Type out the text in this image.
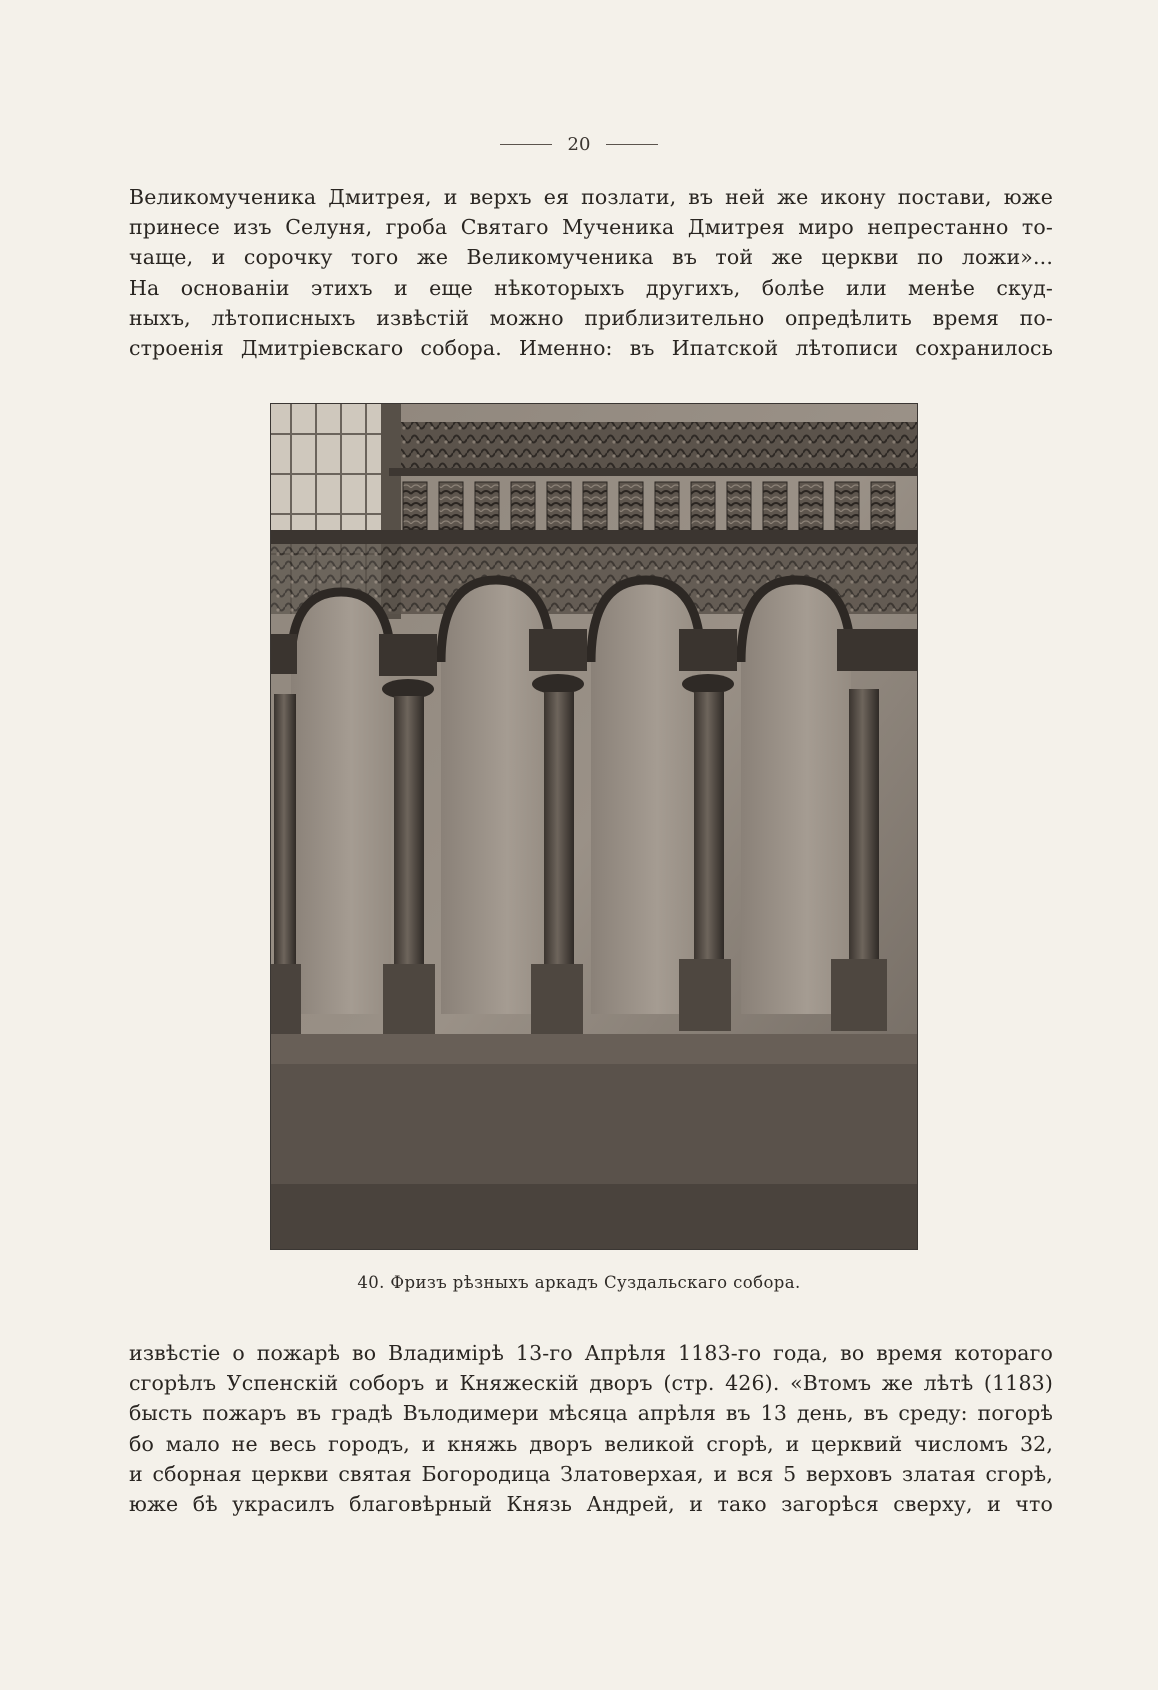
20
Великомученика Дмитрея, и верхъ ея позлати, въ ней же икону постави, юже
принесе изъ Селуня, гроба Святаго Мученика Дмитрея миро непрестанно то-
чаще, и сорочку того же Великомученика въ той же церкви по ложи»...
На основанiи этихъ и еще нѣкоторыхъ другихъ, болѣе или менѣе скуд-
ныхъ, лѣтописныхъ извѣстiй можно приблизительно опредѣлить время по-
строенiя Дмитрiевскаго собора. Именно: въ Ипатской лѣтописи сохранилось
40. Фризъ рѣзныхъ аркадъ Суздальскаго собора.
извѣстiе о пожарѣ во Владимiрѣ 13-го Апрѣля 1183-го года, во время котораго
сгорѣлъ Успенскiй соборъ и Княжескiй дворъ (стр. 426). «Втомъ же лѣтѣ (1183)
бысть пожаръ въ градѣ Вълодимери мѣсяца апрѣля въ 13 день, въ среду: погорѣ
бо мало не весь городъ, и княжь дворъ великой сгорѣ, и церквий числомъ 32,
и сборная церкви святая Богородица Златоверхая, и вся 5 верховъ златая сгорѣ,
юже бѣ украсилъ благовѣрный Князь Андрей, и тако загорѣся сверху, и что
